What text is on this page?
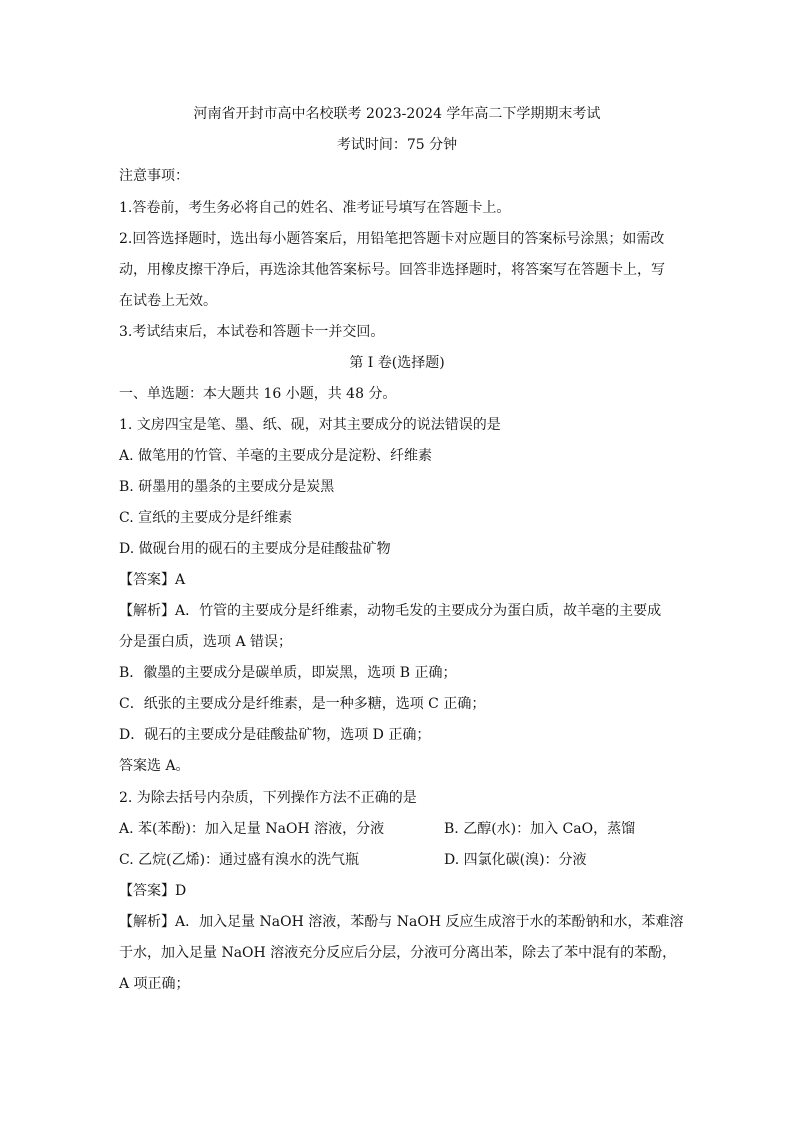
河南省开封市高中名校联考 2023-2024 学年高二下学期期末考试
考试时间：75 分钟
注意事项：
1.答卷前，考生务必将自己的姓名、准考证号填写在答题卡上。
2.回答选择题时，选出每小题答案后，用铅笔把答题卡对应题目的答案标号涂黑；如需改
动，用橡皮擦干净后，再选涂其他答案标号。回答非选择题时，将答案写在答题卡上，写
在试卷上无效。
3.考试结束后，本试卷和答题卡一并交回。
第 I 卷(选择题)
一、单选题：本大题共 16 小题，共 48 分。
1. 文房四宝是笔、墨、纸、砚，对其主要成分的说法错误的是
A. 做笔用的竹管、羊毫的主要成分是淀粉、纤维素
B. 研墨用的墨条的主要成分是炭黑
C. 宣纸的主要成分是纤维素
D. 做砚台用的砚石的主要成分是硅酸盐矿物
【答案】A
【解析】A．竹管的主要成分是纤维素，动物毛发的主要成分为蛋白质，故羊毫的主要成
分是蛋白质，选项 A 错误；
B．徽墨的主要成分是碳单质，即炭黑，选项 B 正确；
C．纸张的主要成分是纤维素，是一种多糖，选项 C 正确；
D．砚石的主要成分是硅酸盐矿物，选项 D 正确；
答案选 A。
2. 为除去括号内杂质，下列操作方法不正确的是
A. 苯(苯酚)：加入足量 NaOH 溶液，分液	B. 乙醇(水)：加入 CaO，蒸馏
C. 乙烷(乙烯)：通过盛有溴水的洗气瓶	D. 四氯化碳(溴)：分液
【答案】D
【解析】A．加入足量 NaOH 溶液，苯酚与 NaOH 反应生成溶于水的苯酚钠和水，苯难溶
于水，加入足量 NaOH 溶液充分反应后分层，分液可分离出苯，除去了苯中混有的苯酚，
A 项正确；
